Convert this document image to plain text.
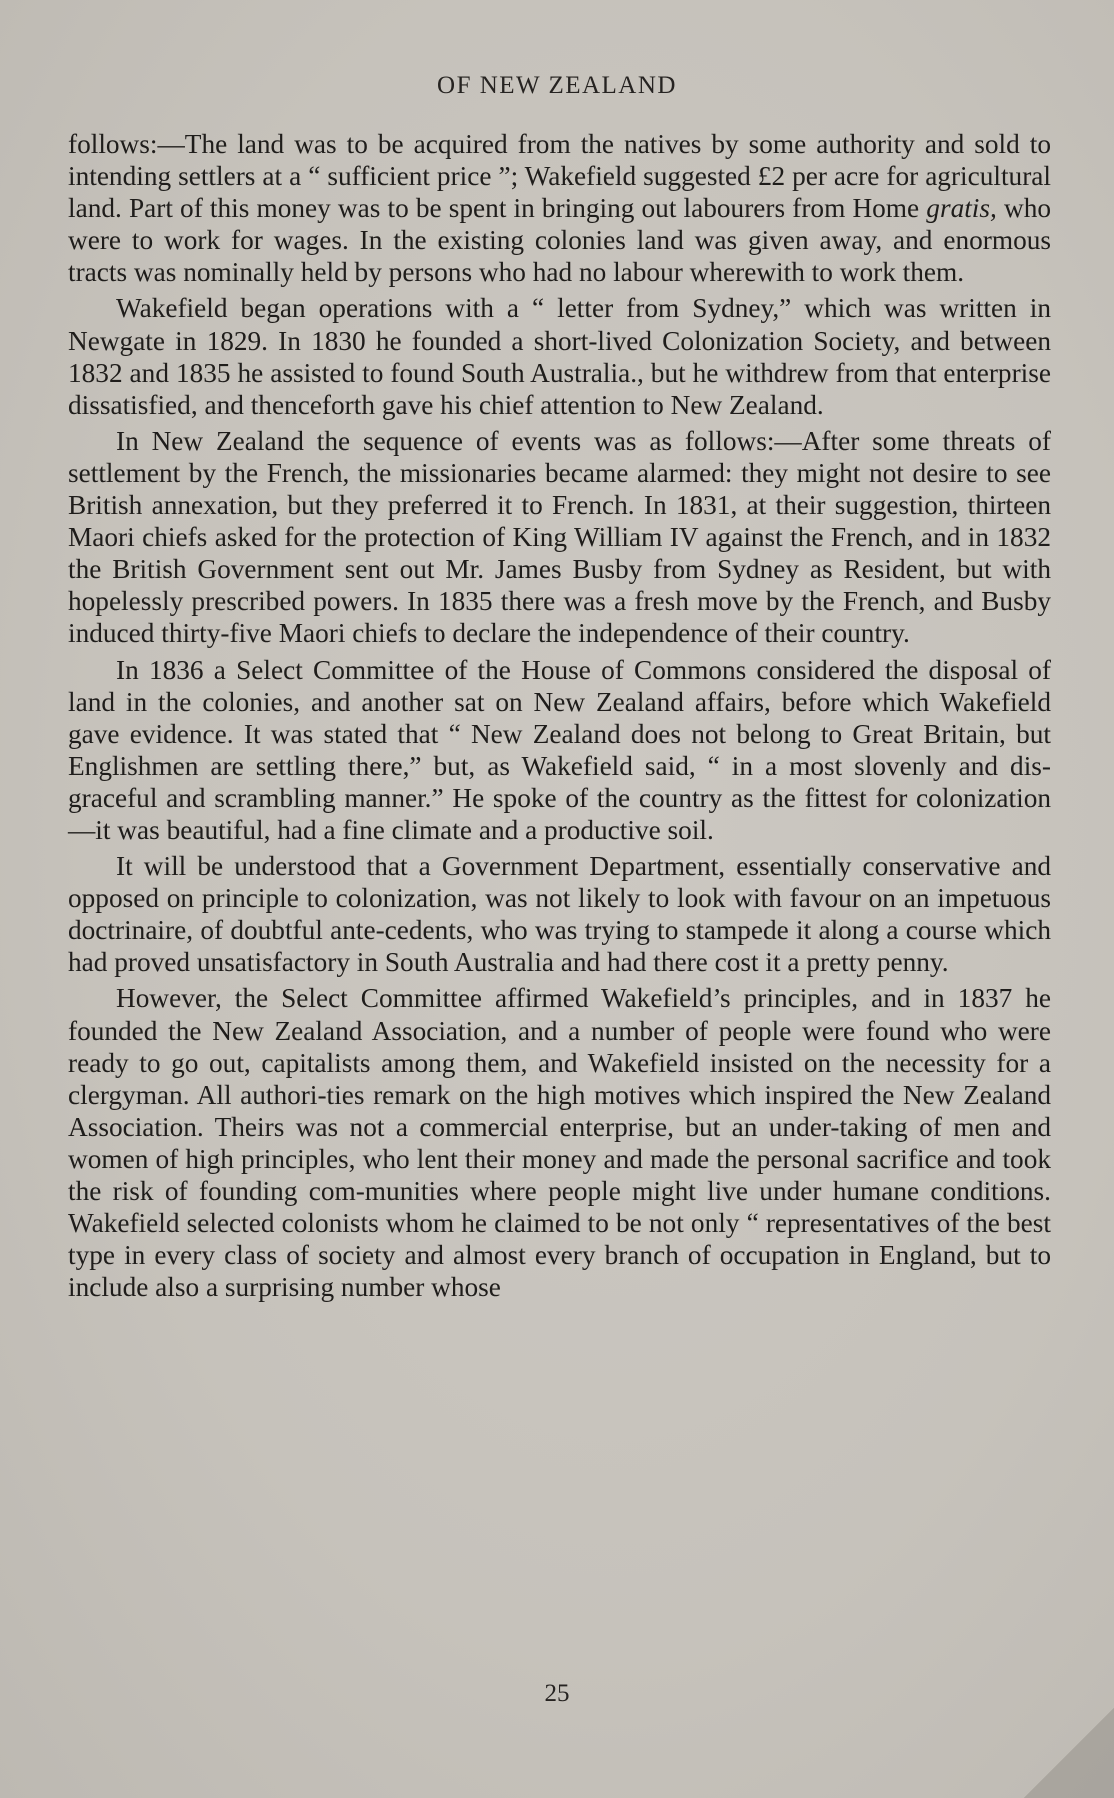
OF NEW ZEALAND

follows:—The land was to be acquired from the natives by some authority and sold to intending settlers at a “ sufficient price ”; Wakefield suggested £2 per acre for agricultural land. Part of this money was to be spent in bringing out labourers from Home gratis, who were to work for wages. In the existing colonies land was given away, and enormous tracts was nominally held by persons who had no labour wherewith to work them.

Wakefield began operations with a “ letter from Sydney,” which was written in Newgate in 1829. In 1830 he founded a short-lived Colonization Society, and between 1832 and 1835 he assisted to found South Australia., but he withdrew from that enterprise dissatisfied, and thenceforth gave his chief attention to New Zealand.

In New Zealand the sequence of events was as follows:—After some threats of settlement by the French, the missionaries became alarmed: they might not desire to see British annexation, but they preferred it to French. In 1831, at their suggestion, thirteen Maori chiefs asked for the protection of King William IV against the French, and in 1832 the British Government sent out Mr. James Busby from Sydney as Resident, but with hopelessly prescribed powers. In 1835 there was a fresh move by the French, and Busby induced thirty-five Maori chiefs to declare the independence of their country.

In 1836 a Select Committee of the House of Commons considered the disposal of land in the colonies, and another sat on New Zealand affairs, before which Wakefield gave evidence. It was stated that “ New Zealand does not belong to Great Britain, but Englishmen are settling there,” but, as Wakefield said, “ in a most slovenly and dis-graceful and scrambling manner.” He spoke of the country as the fittest for colonization—it was beautiful, had a fine climate and a productive soil.

It will be understood that a Government Department, essentially conservative and opposed on principle to colonization, was not likely to look with favour on an impetuous doctrinaire, of doubtful ante-cedents, who was trying to stampede it along a course which had proved unsatisfactory in South Australia and had there cost it a pretty penny.

However, the Select Committee affirmed Wakefield’s principles, and in 1837 he founded the New Zealand Association, and a number of people were found who were ready to go out, capitalists among them, and Wakefield insisted on the necessity for a clergyman. All authori-ties remark on the high motives which inspired the New Zealand Association. Theirs was not a commercial enterprise, but an under-taking of men and women of high principles, who lent their money and made the personal sacrifice and took the risk of founding com-munities where people might live under humane conditions. Wakefield selected colonists whom he claimed to be not only “ representatives of the best type in every class of society and almost every branch of occupation in England, but to include also a surprising number whose

25
